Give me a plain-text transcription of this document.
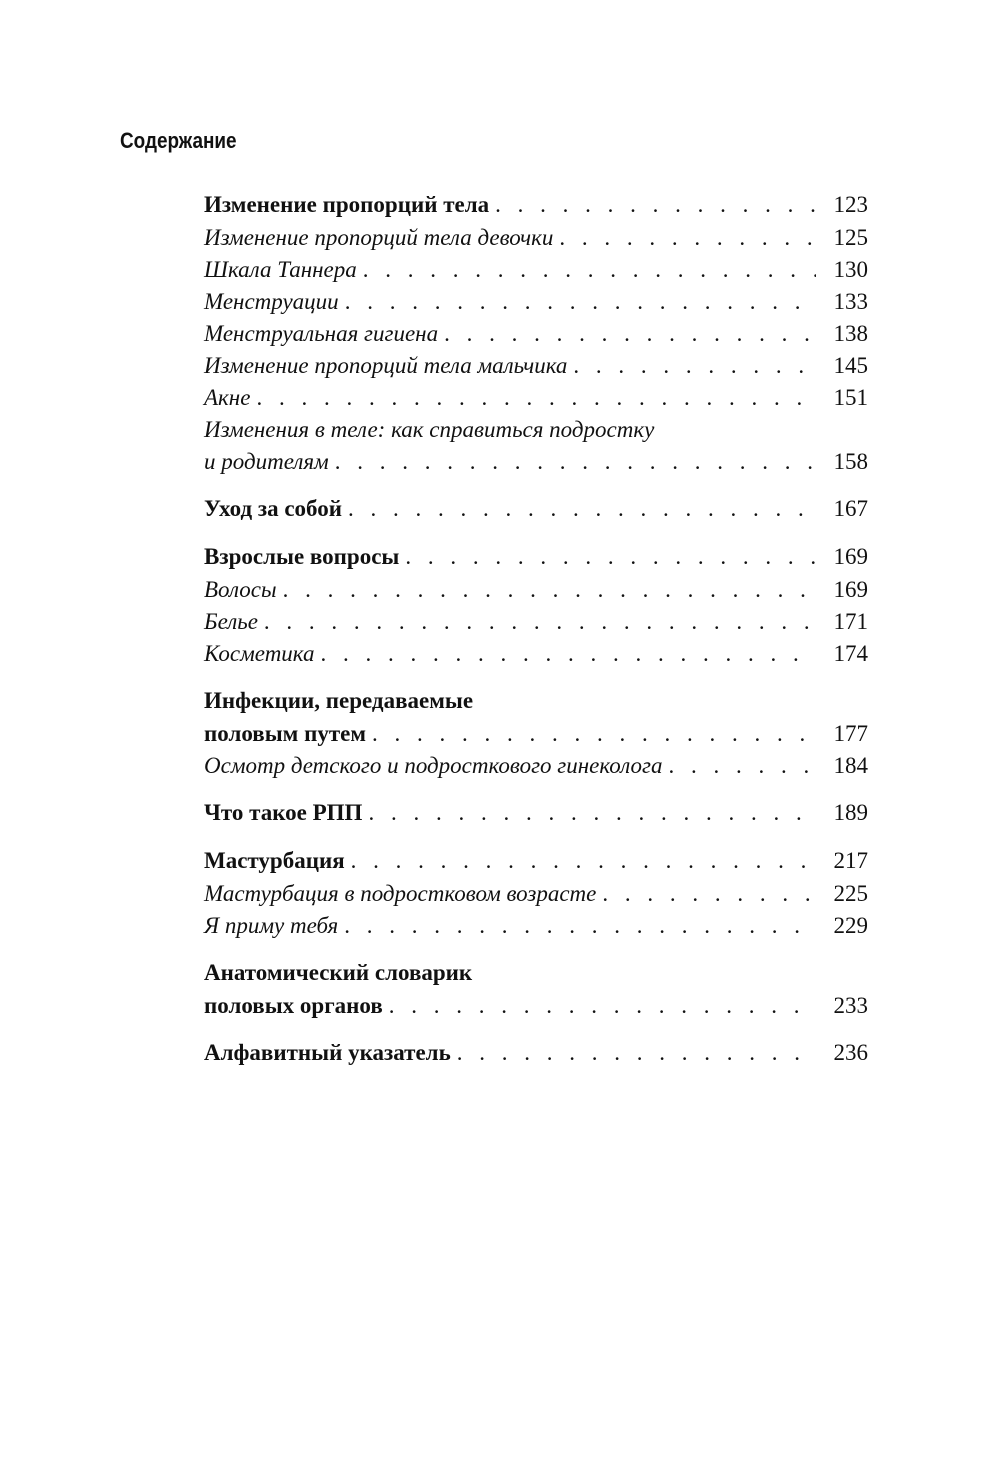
Содержание
Изменение пропорций тела . . .	123
Изменение пропорций тела девочки . . .	125
Шкала Таннера . . .	130
Менструации . . .	133
Менструальная гигиена . . .	138
Изменение пропорций тела мальчика . . .	145
Акне . . .	151
Изменения в теле: как справиться подростку
и родителям . . .	158
Уход за собой . . .	167
Взрослые вопросы . . .	169
Волосы . . .	169
Белье . . .	171
Косметика . . .	174
Инфекции, передаваемые
половым путем . . .	177
Осмотр детского и подросткового гинеколога . . .	184
Что такое РПП . . .	189
Мастурбация . . .	217
Мастурбация в подростковом возрасте . . .	225
Я приму тебя . . .	229
Анатомический словарик
половых органов . . .	233
Алфавитный указатель . . .	236
